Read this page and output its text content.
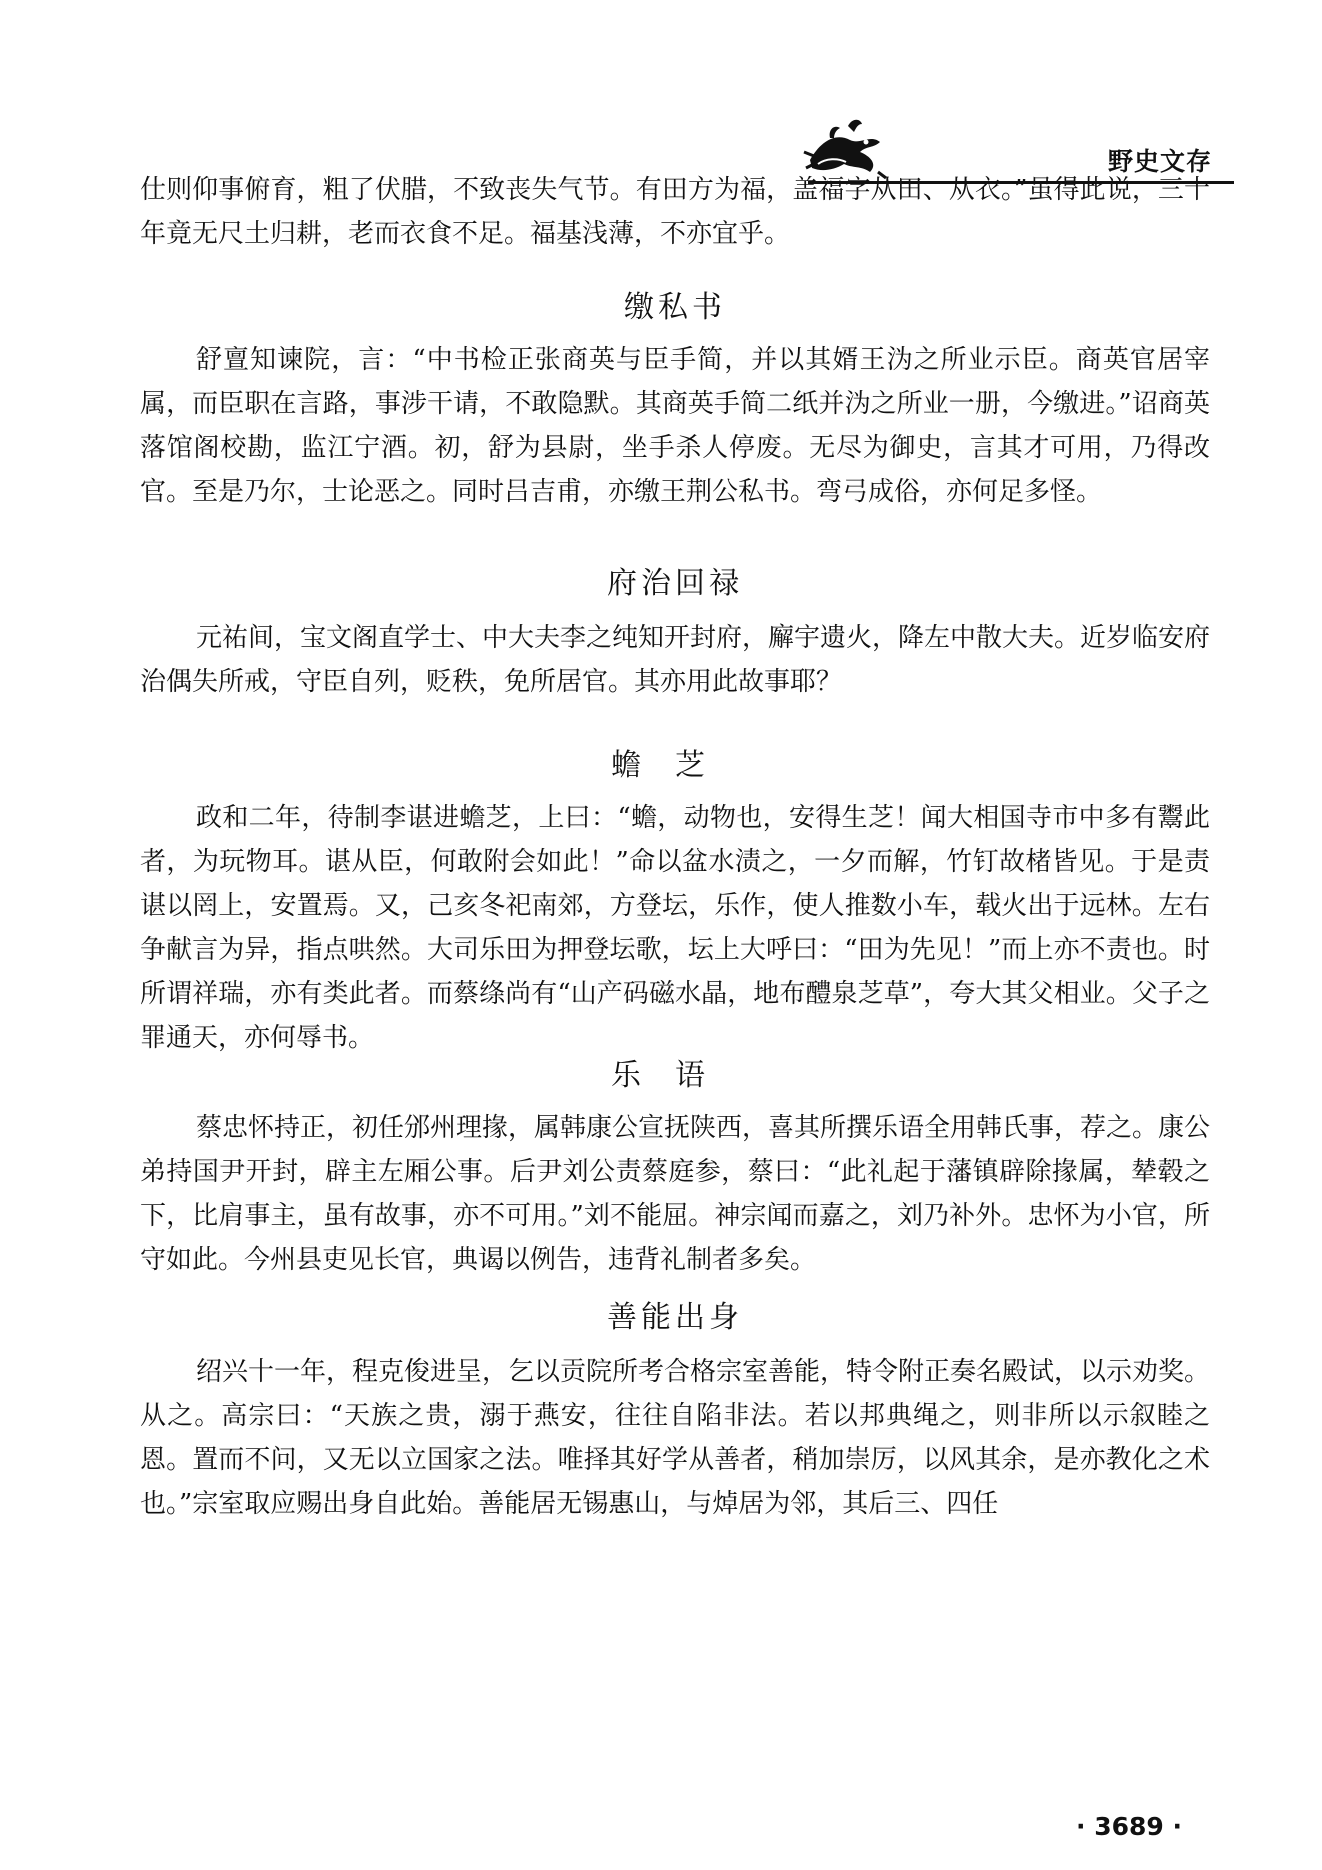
野史文存

仕则仰事俯育，粗了伏腊，不致丧失气节。有田方为福，盖福字从田、从衣。”虽得此说，三十年竟无尺土归耕，老而衣食不足。福基浅薄，不亦宜乎。

缴私书

舒亶知谏院，言：“中书检正张商英与臣手简，并以其婿王沩之所业示臣。商英官居宰属，而臣职在言路，事涉干请，不敢隐默。其商英手简二纸并沩之所业一册，今缴进。”诏商英落馆阁校勘，监江宁酒。初，舒为县尉，坐手杀人停废。无尽为御史，言其才可用，乃得改官。至是乃尔，士论恶之。同时吕吉甫，亦缴王荆公私书。弯弓成俗，亦何足多怪。

府治回禄

元祐间，宝文阁直学士、中大夫李之纯知开封府，廨宇遗火，降左中散大夫。近岁临安府治偶失所戒，守臣自列，贬秩，免所居官。其亦用此故事耶？

蟾芝

政和二年，待制李谌进蟾芝，上曰：“蟾，动物也，安得生芝！闻大相国寺市中多有鬻此者，为玩物耳。谌从臣，何敢附会如此！”命以盆水渍之，一夕而解，竹钉故楮皆见。于是责谌以罔上，安置焉。又，己亥冬祀南郊，方登坛，乐作，使人推数小车，载火出于远林。左右争献言为异，指点哄然。大司乐田为押登坛歌，坛上大呼曰：“田为先见！”而上亦不责也。时所谓祥瑞，亦有类此者。而蔡绦尚有“山产码磁水晶，地布醴泉芝草”，夸大其父相业。父子之罪通天，亦何辱书。

乐语

蔡忠怀持正，初任邠州理掾，属韩康公宣抚陕西，喜其所撰乐语全用韩氏事，荐之。康公弟持国尹开封，辟主左厢公事。后尹刘公责蔡庭参，蔡曰：“此礼起于藩镇辟除掾属，辇毂之下，比肩事主，虽有故事，亦不可用。”刘不能屈。神宗闻而嘉之，刘乃补外。忠怀为小官，所守如此。今州县吏见长官，典谒以例告，违背礼制者多矣。

善能出身

绍兴十一年，程克俊进呈，乞以贡院所考合格宗室善能，特令附正奏名殿试，以示劝奖。从之。高宗曰：“天族之贵，溺于燕安，往往自陷非法。若以邦典绳之，则非所以示叙睦之恩。置而不问，又无以立国家之法。唯择其好学从善者，稍加崇厉，以风其余，是亦教化之术也。”宗室取应赐出身自此始。善能居无锡惠山，与焯居为邻，其后三、四任

· 3689 ·
